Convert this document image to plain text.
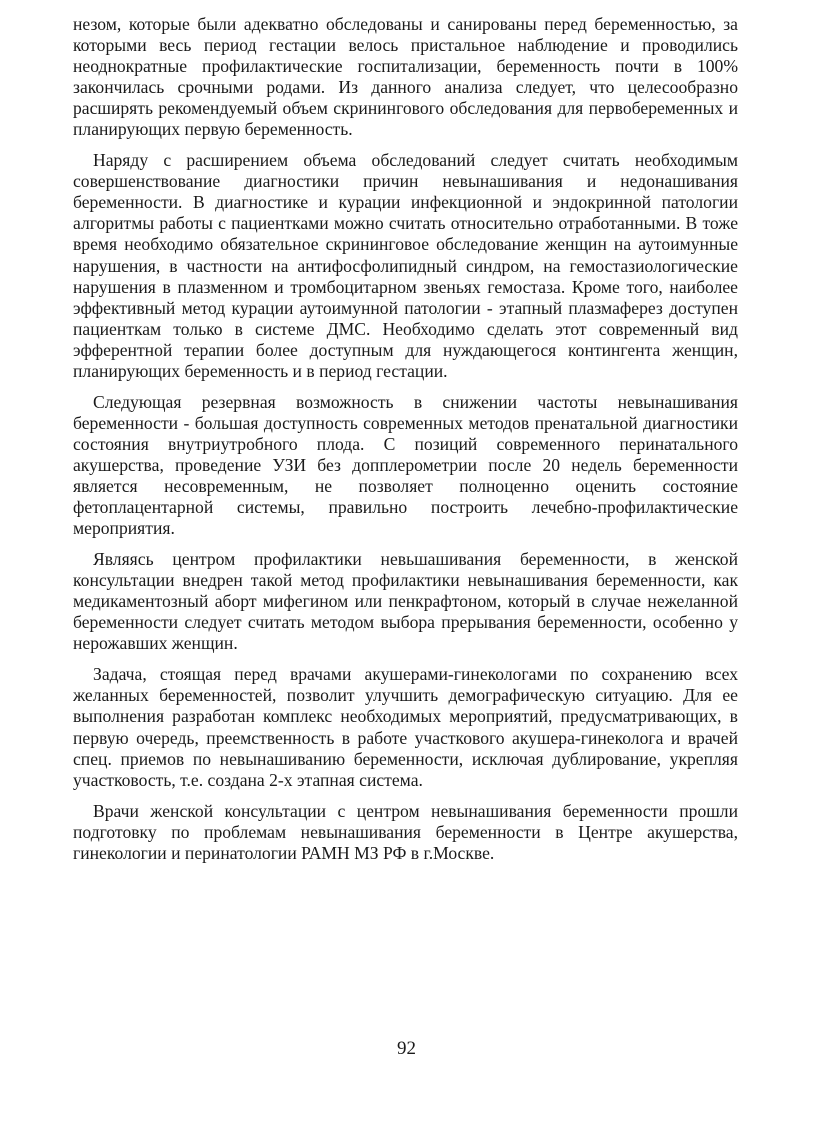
незом, которые были адекватно обследованы и санированы перед беременностью, за которыми весь период гестации велось пристальное наблюдение и проводились неоднократные профилактические госпитализации, беременность почти в 100% закончилась срочными родами. Из данного анализа следует, что целесообразно расширять рекомендуемый объем скринингового обследования для первобеременных и планирующих первую беременность.

Наряду с расширением объема обследований следует считать необходимым совершенствование диагностики причин невынашивания и недонашивания беременности. В диагностике и курации инфекционной и эндокринной патологии алгоритмы работы с пациентками можно считать относительно отработанными. В тоже время необходимо обязательное скрининговое обследование женщин на аутоимунные нарушения, в частности на антифосфолипидный синдром, на гемостазиологические нарушения в плазменном и тромбоцитарном звеньях гемостаза. Кроме того, наиболее эффективный метод курации аутоимунной патологии - этапный плазмаферез доступен пациенткам только в системе ДМС. Необходимо сделать этот современный вид эфферентной терапии более доступным для нуждающегося контингента женщин, планирующих беременность и в период гестации.

Следующая резервная возможность в снижении частоты невынашивания беременности - большая доступность современных методов пренатальной диагностики состояния внутриутробного плода. С позиций современного перинатального акушерства, проведение УЗИ без допплерометрии после 20 недель беременности является несовременным, не позволяет полноценно оценить состояние фетоплацентарной системы, правильно построить лечебно-профилактические мероприятия.

Являясь центром профилактики невьшашивания беременности, в женской консультации внедрен такой метод профилактики невынашивания беременности, как медикаментозный аборт мифегином или пенкрафтоном, который в случае нежеланной беременности следует считать методом выбора прерывания беременности, особенно у нерожавших женщин.

Задача, стоящая перед врачами акушерами-гинекологами по сохранению всех желанных беременностей, позволит улучшить демографическую ситуацию. Для ее выполнения разработан комплекс необходимых мероприятий, предусматривающих, в первую очередь, преемственность в работе участкового акушера-гинеколога и врачей спец. приемов по невынашиванию беременности, исключая дублирование, укрепляя участковость, т.е. создана 2-х этапная система.

Врачи женской консультации с центром невынашивания беременности прошли подготовку по проблемам невынашивания беременности в Центре акушерства, гинекологии и перинатологии РАМН МЗ РФ в г.Москве.

92
